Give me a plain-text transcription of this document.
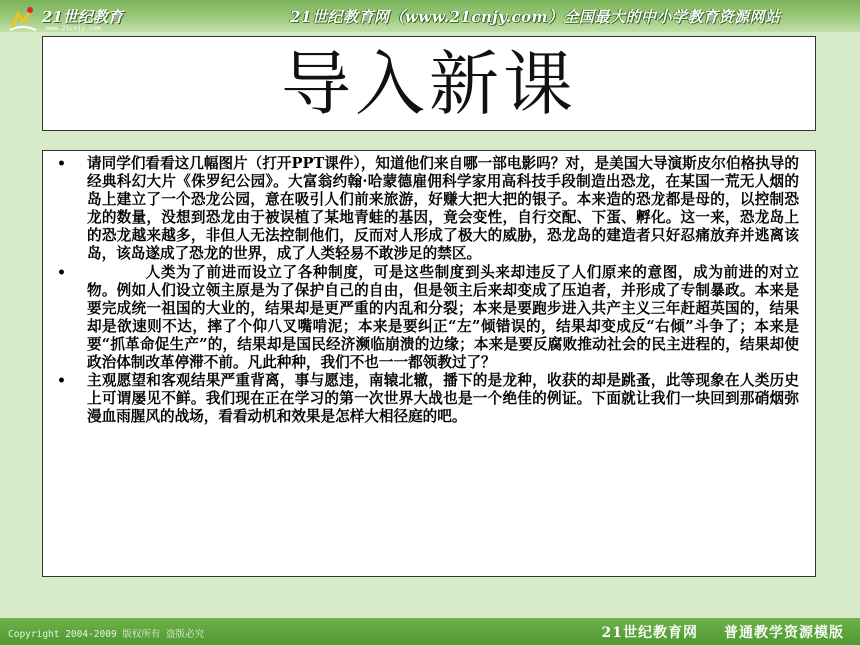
21世纪教育
www.21cnjy.com
21世纪教育网（www.21cnjy.com）全国最大的中小学教育资源网站
导入新课
• 请同学们看看这几幅图片（打开PPT课件），知道他们来自哪一部电影吗？对，是美国大导演斯皮尔伯格执导的经典科幻大片《侏罗纪公园》。大富翁约翰·哈蒙德雇佣科学家用高科技手段制造出恐龙，在某国一荒无人烟的岛上建立了一个恐龙公园，意在吸引人们前来旅游，好赚大把大把的银子。本来造的恐龙都是母的，以控制恐龙的数量，没想到恐龙由于被误植了某地青蛙的基因，竟会变性，自行交配、下蛋、孵化。这一来，恐龙岛上的恐龙越来越多，非但人无法控制他们，反而对人形成了极大的威胁，恐龙岛的建造者只好忍痛放弃并逃离该岛，该岛遂成了恐龙的世界，成了人类轻易不敢涉足的禁区。
•	人类为了前进而设立了各种制度，可是这些制度到头来却违反了人们原来的意图，成为前进的对立物。例如人们设立领主原是为了保护自己的自由，但是领主后来却变成了压迫者，并形成了专制暴政。本来是要完成统一祖国的大业的，结果却是更严重的内乱和分裂；本来是要跑步进入共产主义三年赶超英国的，结果却是欲速则不达，摔了个仰八叉嘴啃泥；本来是要纠正“左”倾错误的，结果却变成反“右倾”斗争了；本来是要“抓革命促生产”的，结果却是国民经济濒临崩溃的边缘；本来是要反腐败推动社会的民主进程的，结果却使政治体制改革停滞不前。凡此种种，我们不也一一都领教过了？
• 主观愿望和客观结果严重背离，事与愿违，南辕北辙，播下的是龙种，收获的却是跳蚤，此等现象在人类历史上可谓屡见不鲜。我们现在正在学习的第一次世界大战也是一个绝佳的例证。下面就让我们一块回到那硝烟弥漫血雨腥风的战场，看看动机和效果是怎样大相径庭的吧。
Copyright 2004-2009 版权所有 盗版必究	21世纪教育网 普通教学资源模版
